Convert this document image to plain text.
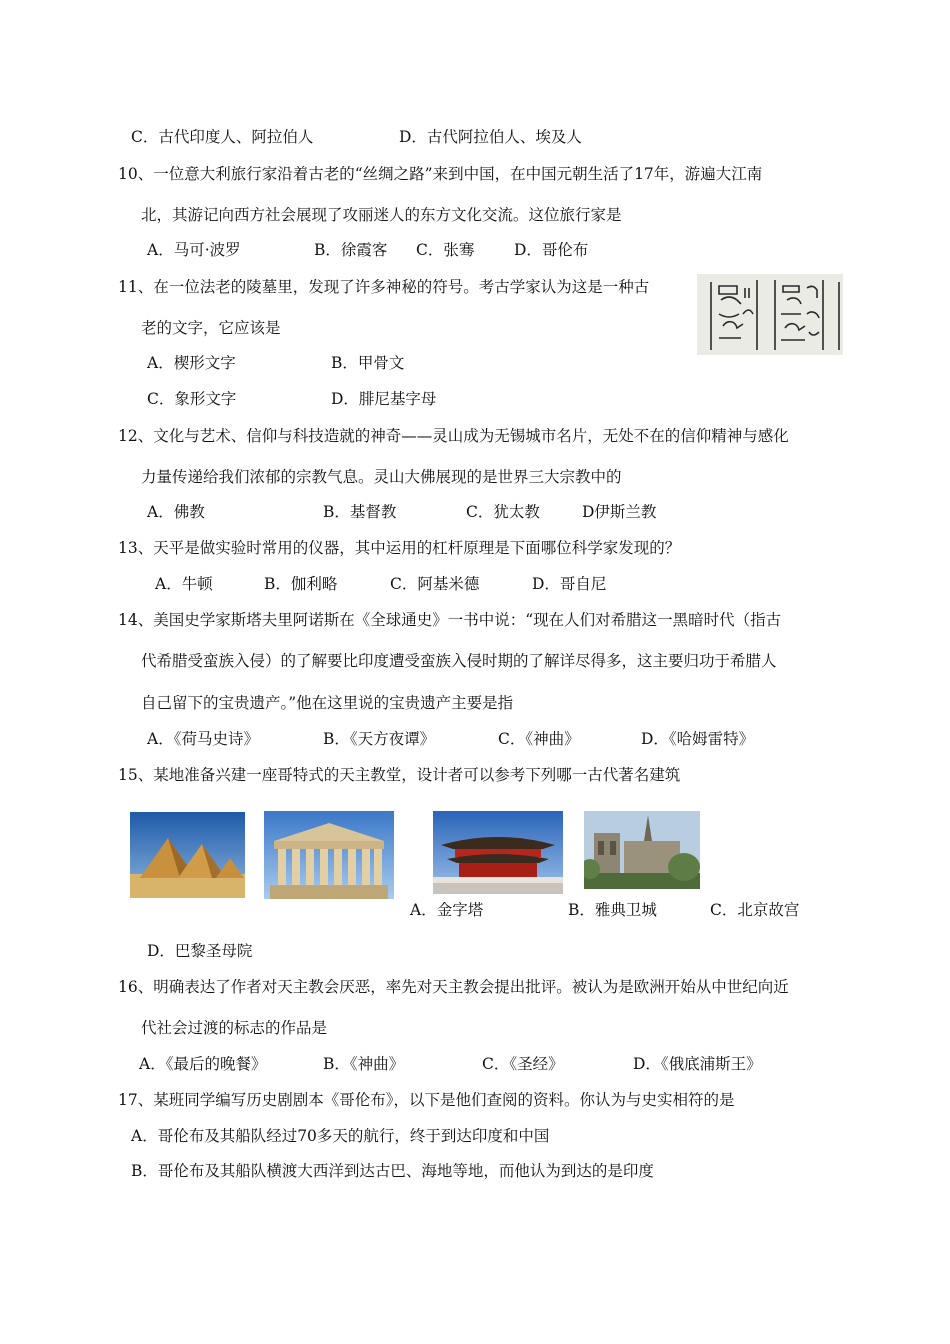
C．古代印度人、阿拉伯人	D．古代阿拉伯人、埃及人
10、一位意大利旅行家沿着古老的“丝绸之路”来到中国，在中国元朝生活了17年，游遍大江南
北，其游记向西方社会展现了攻丽迷人的东方文化交流。这位旅行家是
A．马可·波罗	B．徐霞客 C．张骞	D．哥伦布
11、在一位法老的陵墓里，发现了许多神秘的符号。考古学家认为这是一种古
老的文字，它应该是
A．楔形文字	B．甲骨文
C．象形文字	D．腓尼基字母
12、文化与艺术、信仰与科技造就的神奇——灵山成为无锡城市名片，无处不在的信仰精神与感化
力量传递给我们浓郁的宗教气息。灵山大佛展现的是世界三大宗教中的
A．佛教	B．基督教	C．犹太教	D伊斯兰教
13、天平是做实验时常用的仪器，其中运用的杠杆原理是下面哪位科学家发现的？
A．牛顿	B．伽利略	C．阿基米德	D．哥自尼
14、美国史学家斯塔夫里阿诺斯在《全球通史》一书中说：“现在人们对希腊这一黑暗时代（指古
代希腊受蛮族入侵）的了解要比印度遭受蛮族入侵时期的了解详尽得多，这主要归功于希腊人
自己留下的宝贵遗产。”他在这里说的宝贵遗产主要是指
A．《荷马史诗》	B．《天方夜谭》	C．《神曲》	D．《哈姆雷特》
15、某地准备兴建一座哥特式的天主教堂，设计者可以参考下列哪一古代著名建筑
A．金字塔	B．雅典卫城	C．北京故宫
D．巴黎圣母院
16、明确表达了作者对天主教会厌恶，率先对天主教会提出批评。被认为是欧洲开始从中世纪向近
代社会过渡的标志的作品是
A．《最后的晚餐》	B．《神曲》	C．《圣经》	D．《俄底浦斯王》
17、某班同学编写历史剧剧本《哥伦布》，以下是他们查阅的资料。你认为与史实相符的是
A．哥伦布及其船队经过70多天的航行，终于到达印度和中国
B．哥伦布及其船队横渡大西洋到达古巴、海地等地，而他认为到达的是印度
